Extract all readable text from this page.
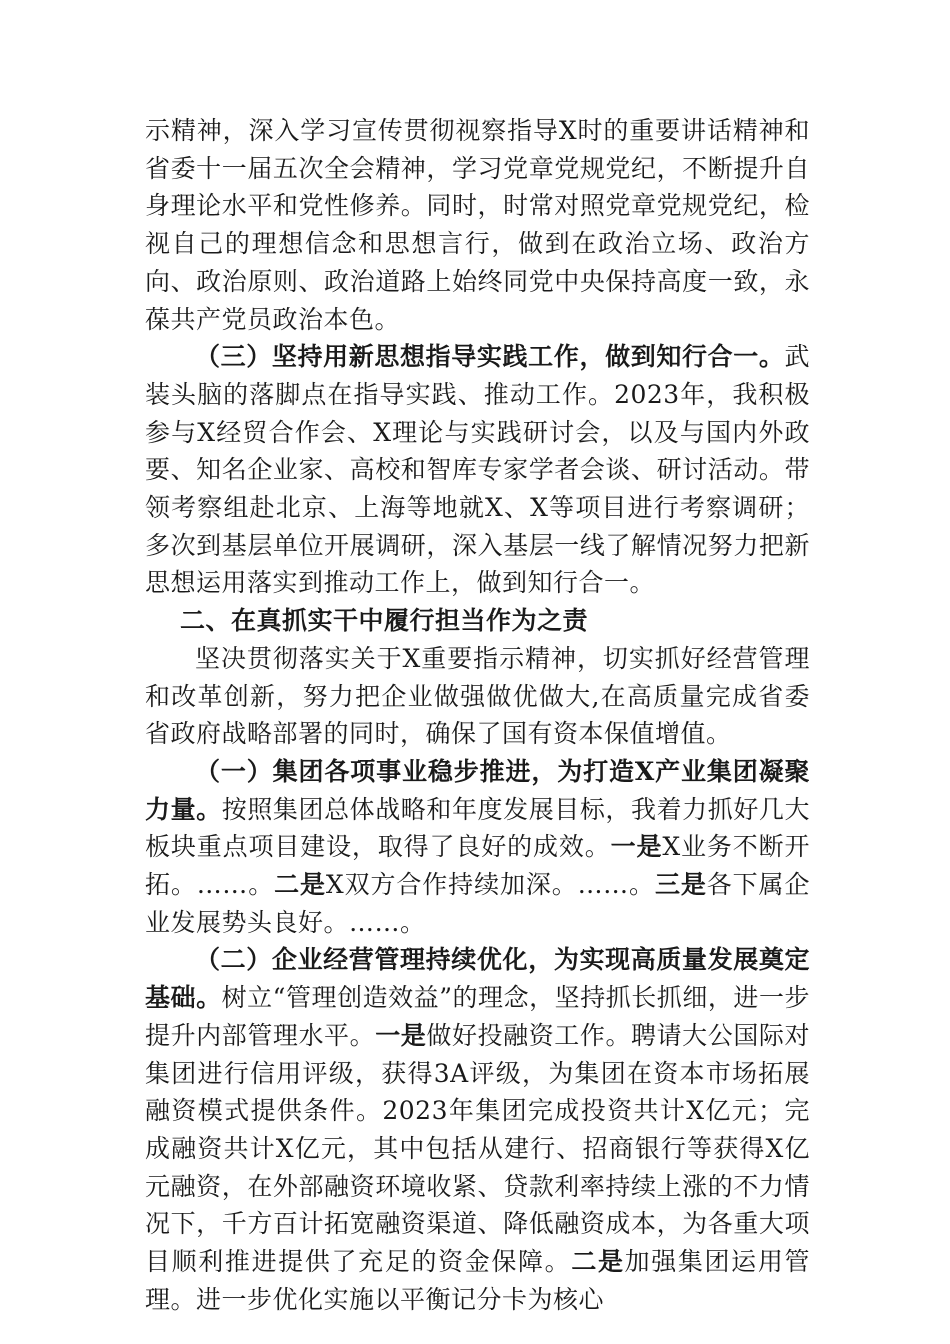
示精神，深入学习宣传贯彻视察指导X时的重要讲话精神和省委十一届五次全会精神，学习党章党规党纪，不断提升自身理论水平和党性修养。同时，时常对照党章党规党纪，检视自己的理想信念和思想言行，做到在政治立场、政治方向、政治原则、政治道路上始终同党中央保持高度一致，永葆共产党员政治本色。

（三）坚持用新思想指导实践工作，做到知行合一。武装头脑的落脚点在指导实践、推动工作。2023年，我积极参与X经贸合作会、X理论与实践研讨会，以及与国内外政要、知名企业家、高校和智库专家学者会谈、研讨活动。带领考察组赴北京、上海等地就X、X等项目进行考察调研；多次到基层单位开展调研，深入基层一线了解情况努力把新思想运用落实到推动工作上，做到知行合一。

二、在真抓实干中履行担当作为之责

坚决贯彻落实关于X重要指示精神，切实抓好经营管理和改革创新，努力把企业做强做优做大,在高质量完成省委省政府战略部署的同时，确保了国有资本保值增值。

（一）集团各项事业稳步推进，为打造X产业集团凝聚力量。按照集团总体战略和年度发展目标，我着力抓好几大板块重点项目建设，取得了良好的成效。一是X业务不断开拓。……。二是X双方合作持续加深。……。三是各下属企业发展势头良好。……。

（二）企业经营管理持续优化，为实现高质量发展奠定基础。树立“管理创造效益”的理念，坚持抓长抓细，进一步提升内部管理水平。一是做好投融资工作。聘请大公国际对集团进行信用评级，获得3A评级，为集团在资本市场拓展融资模式提供条件。2023年集团完成投资共计X亿元；完成融资共计X亿元，其中包括从建行、招商银行等获得X亿元融资，在外部融资环境收紧、贷款利率持续上涨的不力情况下，千方百计拓宽融资渠道、降低融资成本，为各重大项目顺利推进提供了充足的资金保障。二是加强集团运用管理。进一步优化实施以平衡记分卡为核心
